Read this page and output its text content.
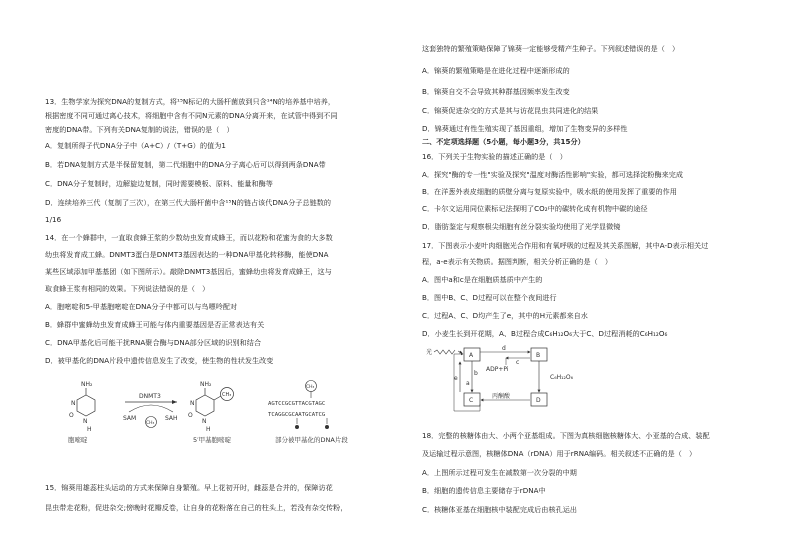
13．生物学家为探究DNA的复制方式，将¹⁵N标记的大肠杆菌放到只含¹⁴N的培养基中培养，
根据密度不同可通过离心技术，将细胞中含有不同N元素的DNA分离开来，在试管中得到不同
密度的DNA带。下列有关DNA复制的说法，错误的是（　）
A．复制所得子代DNA分子中（A+C）/（T+G）的值为1
B．若DNA复制方式是半保留复制，第二代细胞中的DNA分子离心后可以得到两条DNA带
C．DNA分子复制时，边解旋边复制，同时需要模板、原料、能量和酶等
D．连续培养三代（复制了三次），在第三代大肠杆菌中含¹⁵N的链占该代DNA分子总链数的
1/16
14．在一个蜂群中，一直取食蜂王浆的少数幼虫发育成蜂王，而以花粉和花蜜为食的大多数
幼虫将发育成工蜂。DNMT3蛋白是DNMT3基因表达的一种DNA甲基化转移酶，能使DNA
某些区域添加甲基基团（如下图所示）。敲除DNMT3基因后，蜜蜂幼虫将发育成蜂王，这与
取食蜂王浆有相同的效果。下列说法错误的是（　）
A．胞嘧啶和5-甲基胞嘧啶在DNA分子中都可以与鸟嘌呤配对
B．蜂群中蜜蜂幼虫发育成蜂王可能与体内重要基因是否正常表达有关
C．DNA甲基化后可能干扰RNA聚合酶与DNA部分区域的识别和结合
D．被甲基化的DNA片段中遗传信息发生了改变，使生物的性状发生改变
NH₂
N
N
O
H
胞嘧啶
DNMT3
SAM	SAH
CH₃
NH₂
CH₃
N
N
O
H
5′甲基胞嘧啶
CH₃
AGTCCGCGTTACGTAGC
TCAGGCGCAATGCATCG
部分被甲基化的DNA片段
15．锦葵用雄蕊柱头运动的方式来保障自身繁殖。早上花初开时，雌蕊是合并的，保障访花
昆虫带走花粉，促进杂交;傍晚时花瓣反卷，让自身的花粉落在自己的柱头上，若没有杂交传粉，
这套独特的繁殖策略保障了锦葵一定能够受精产生种子。下列叙述错误的是（　）
A．锦葵的繁殖策略是在进化过程中逐渐形成的
B．锦葵自交不会导致其种群基因频率发生改变
C．锦葵促进杂交的方式是其与访花昆虫共同进化的结果
D．锦葵通过有性生殖实现了基因重组，增加了生物变异的多样性
二、不定项选择题（5小题，每小题3分，共15分）
16．下列关于生物实验的描述正确的是（　）
A．探究"酶的专一性"实验及探究"温度对酶活性影响"实验，都可选择淀粉酶来完成
B．在洋葱外表皮细胞的质壁分离与复原实验中，吸水纸的使用发挥了重要的作用
C．卡尔文运用同位素标记法探明了CO₂中的碳转化成有机物中碳的途径
D．脂肪鉴定与观察根尖细胞有丝分裂实验均使用了光学显微镜
17．下图表示小麦叶肉细胞光合作用和有氧呼吸的过程及其关系图解，其中A-D表示相关过
程，a-e表示有关物质。据图判断，相关分析正确的是（　）
A．图中a和c是在细胞质基质中产生的
B．图中B、C、D过程可以在整个夜间进行
C．过程A、C、D均产生了e，其中的H元素都来自水
D．小麦生长到开花期，A、B过程合成C₆H₁₂O₆大于C、D过程消耗的C₆H₁₂O₆
光	A	B
C	D
d
c
ADP+Pi
b
e
a
C₆H₁₂O₆
丙酮酸
18．完整的核糖体由大、小两个亚基组成。下图为真核细胞核糖体大、小亚基的合成、装配
及运输过程示意图，核糖体DNA（rDNA）用于rRNA编码。相关叙述不正确的是（　）
A．上图所示过程可发生在减数第一次分裂的中期
B．细胞的遗传信息主要储存于rDNA中
C．核糖体亚基在细胞核中装配完成后由核孔运出
